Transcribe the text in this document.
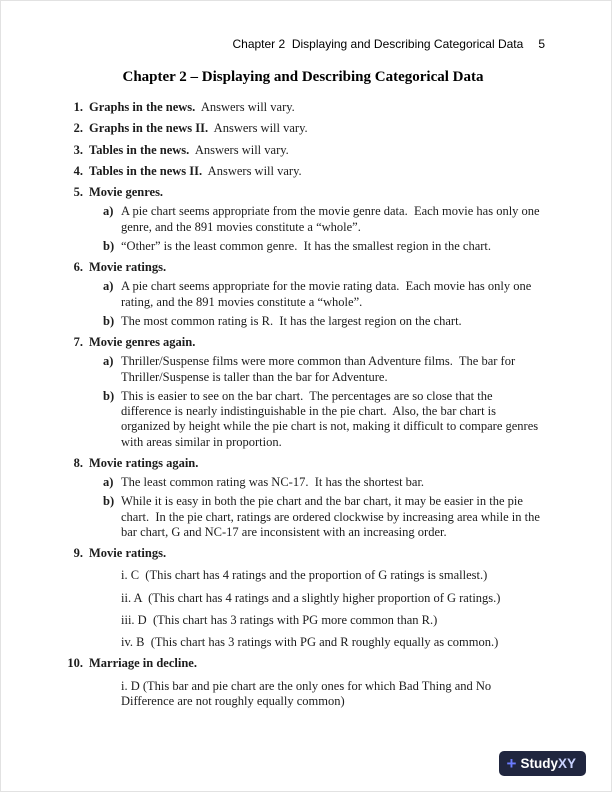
Chapter 2  Displaying and Describing Categorical Data 5
Chapter 2 – Displaying and Describing Categorical Data
1. Graphs in the news.  Answers will vary.
2. Graphs in the news II.  Answers will vary.
3. Tables in the news.  Answers will vary.
4. Tables in the news II.  Answers will vary.
5. Movie genres.
a) A pie chart seems appropriate from the movie genre data.  Each movie has only one genre, and the 891 movies constitute a “whole”.
b) “Other” is the least common genre.  It has the smallest region in the chart.
6. Movie ratings.
a) A pie chart seems appropriate for the movie rating data.  Each movie has only one rating, and the 891 movies constitute a “whole”.
b) The most common rating is R.  It has the largest region on the chart.
7. Movie genres again.
a) Thriller/Suspense films were more common than Adventure films.  The bar for Thriller/Suspense is taller than the bar for Adventure.
b) This is easier to see on the bar chart.  The percentages are so close that the difference is nearly indistinguishable in the pie chart.  Also, the bar chart is organized by height while the pie chart is not, making it difficult to compare genres with areas similar in proportion.
8. Movie ratings again.
a) The least common rating was NC-17.  It has the shortest bar.
b) While it is easy in both the pie chart and the bar chart, it may be easier in the pie chart.  In the pie chart, ratings are ordered clockwise by increasing area while in the bar chart, G and NC-17 are inconsistent with an increasing order.
9. Movie ratings.
i. C  (This chart has 4 ratings and the proportion of G ratings is smallest.)
ii. A  (This chart has 4 ratings and a slightly higher proportion of G ratings.)
iii. D  (This chart has 3 ratings with PG more common than R.)
iv. B  (This chart has 3 ratings with PG and R roughly equally as common.)
10. Marriage in decline.
i. D (This bar and pie chart are the only ones for which Bad Thing and No Difference are not roughly equally common)
+ Study XY
